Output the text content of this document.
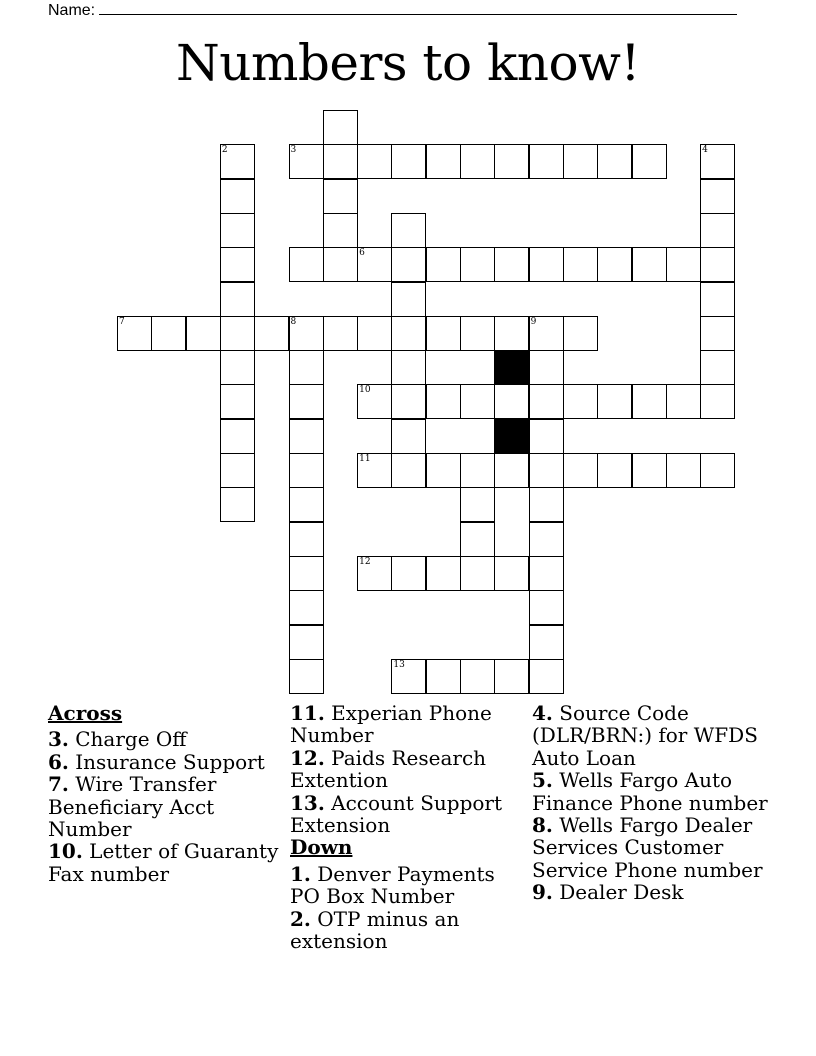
Name:
Numbers to know!
2	3	4
6
7	8	9
10
11
12
13
Across
3. Charge Off
6. Insurance Support
7. Wire Transfer Beneficiary Acct Number
10. Letter of Guaranty Fax number
11. Experian Phone Number
12. Paids Research Extention
13. Account Support Extension
Down
1. Denver Payments PO Box Number
2. OTP minus an extension
4. Source Code (DLR/BRN:) for WFDS Auto Loan
5. Wells Fargo Auto Finance Phone number
8. Wells Fargo Dealer Services Customer Service Phone number
9. Dealer Desk
